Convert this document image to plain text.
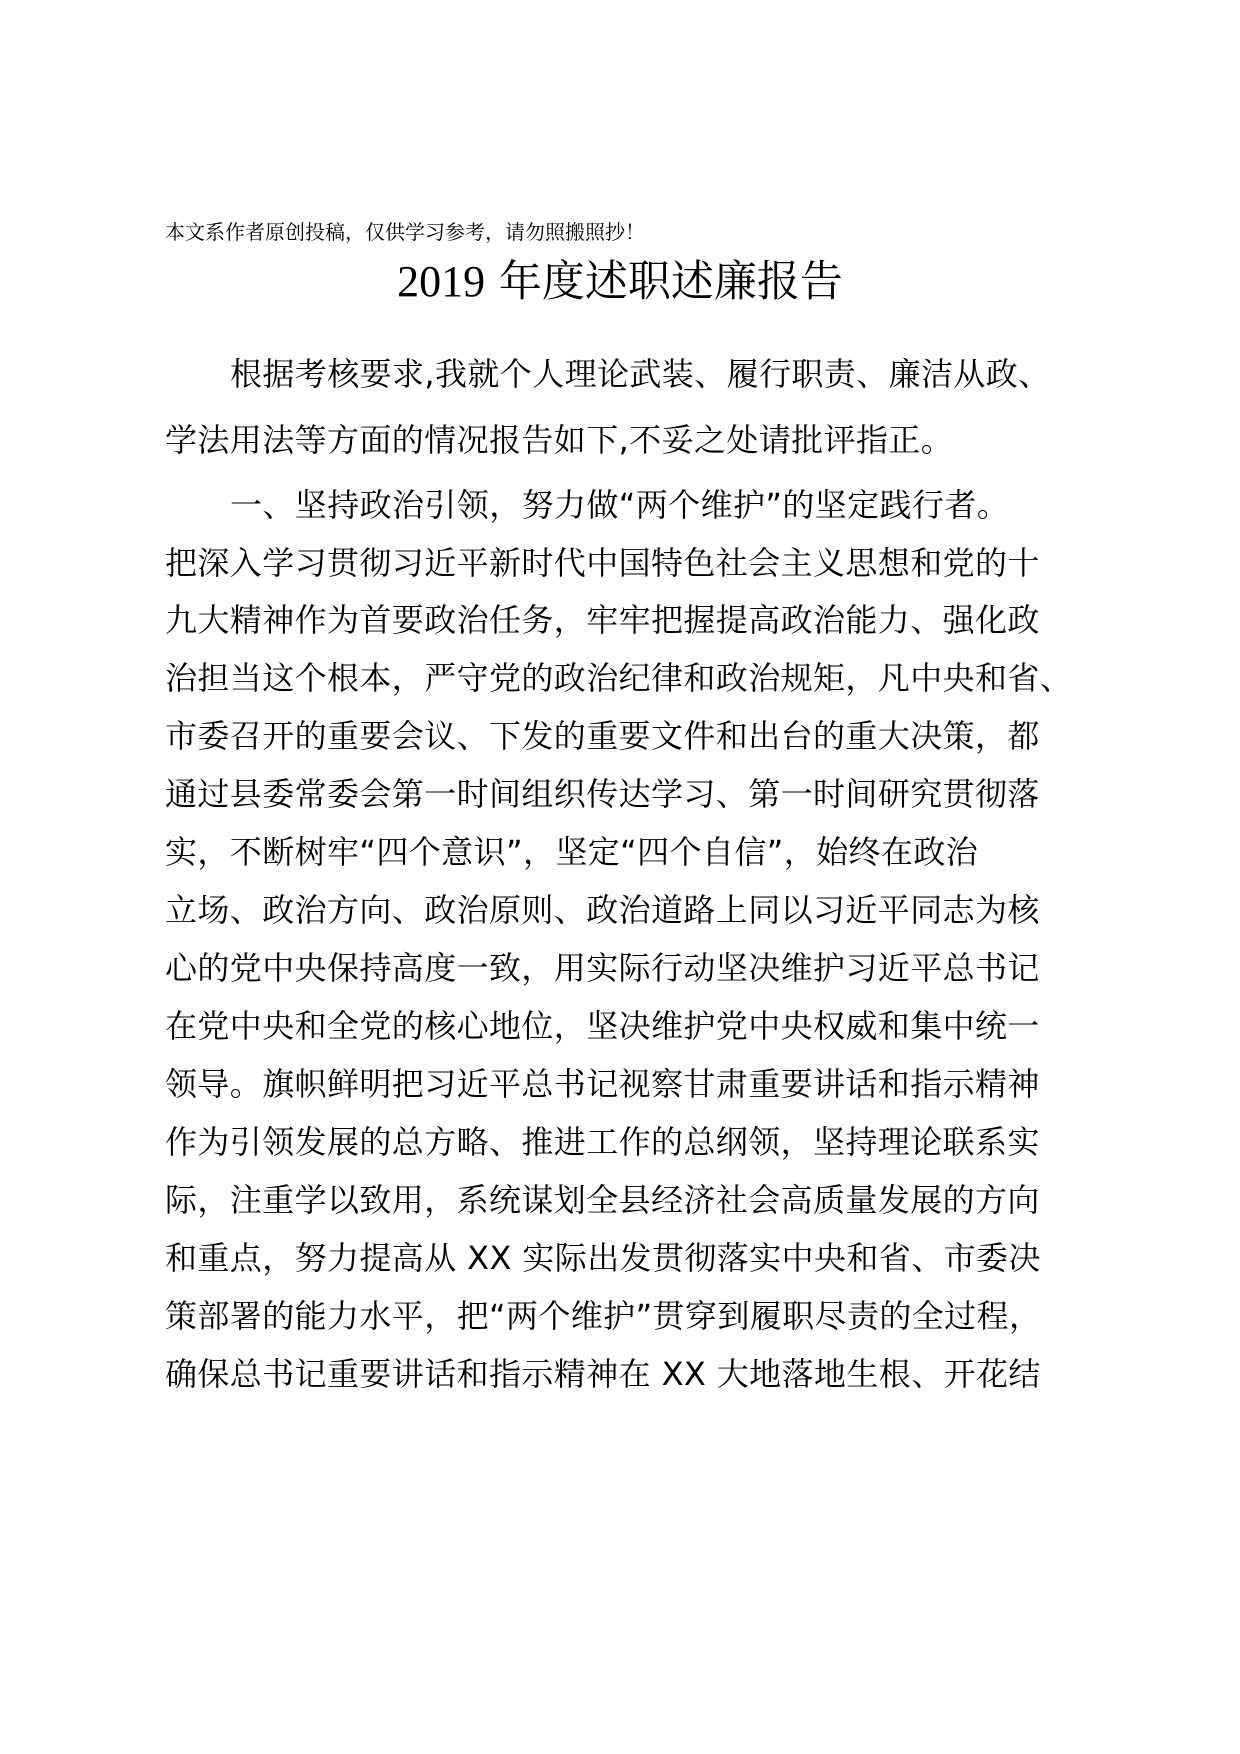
本文系作者原创投稿，仅供学习参考，请勿照搬照抄！
2019 年度述职述廉报告
根据考核要求,我就个人理论武装、履行职责、廉洁从政、
学法用法等方面的情况报告如下,不妥之处请批评指正。
一、坚持政治引领，努力做“两个维护”的坚定践行者。
把深入学习贯彻习近平新时代中国特色社会主义思想和党的十
九大精神作为首要政治任务，牢牢把握提高政治能力、强化政
治担当这个根本，严守党的政治纪律和政治规矩，凡中央和省、
市委召开的重要会议、下发的重要文件和出台的重大决策，都
通过县委常委会第一时间组织传达学习、第一时间研究贯彻落
实，不断树牢“四个意识”，坚定“四个自信”，始终在政治
立场、政治方向、政治原则、政治道路上同以习近平同志为核
心的党中央保持高度一致，用实际行动坚决维护习近平总书记
在党中央和全党的核心地位，坚决维护党中央权威和集中统一
领导。旗帜鲜明把习近平总书记视察甘肃重要讲话和指示精神
作为引领发展的总方略、推进工作的总纲领，坚持理论联系实
际，注重学以致用，系统谋划全县经济社会高质量发展的方向
和重点，努力提高从 XX 实际出发贯彻落实中央和省、市委决
策部署的能力水平，把“两个维护”贯穿到履职尽责的全过程，
确保总书记重要讲话和指示精神在 XX 大地落地生根、开花结
